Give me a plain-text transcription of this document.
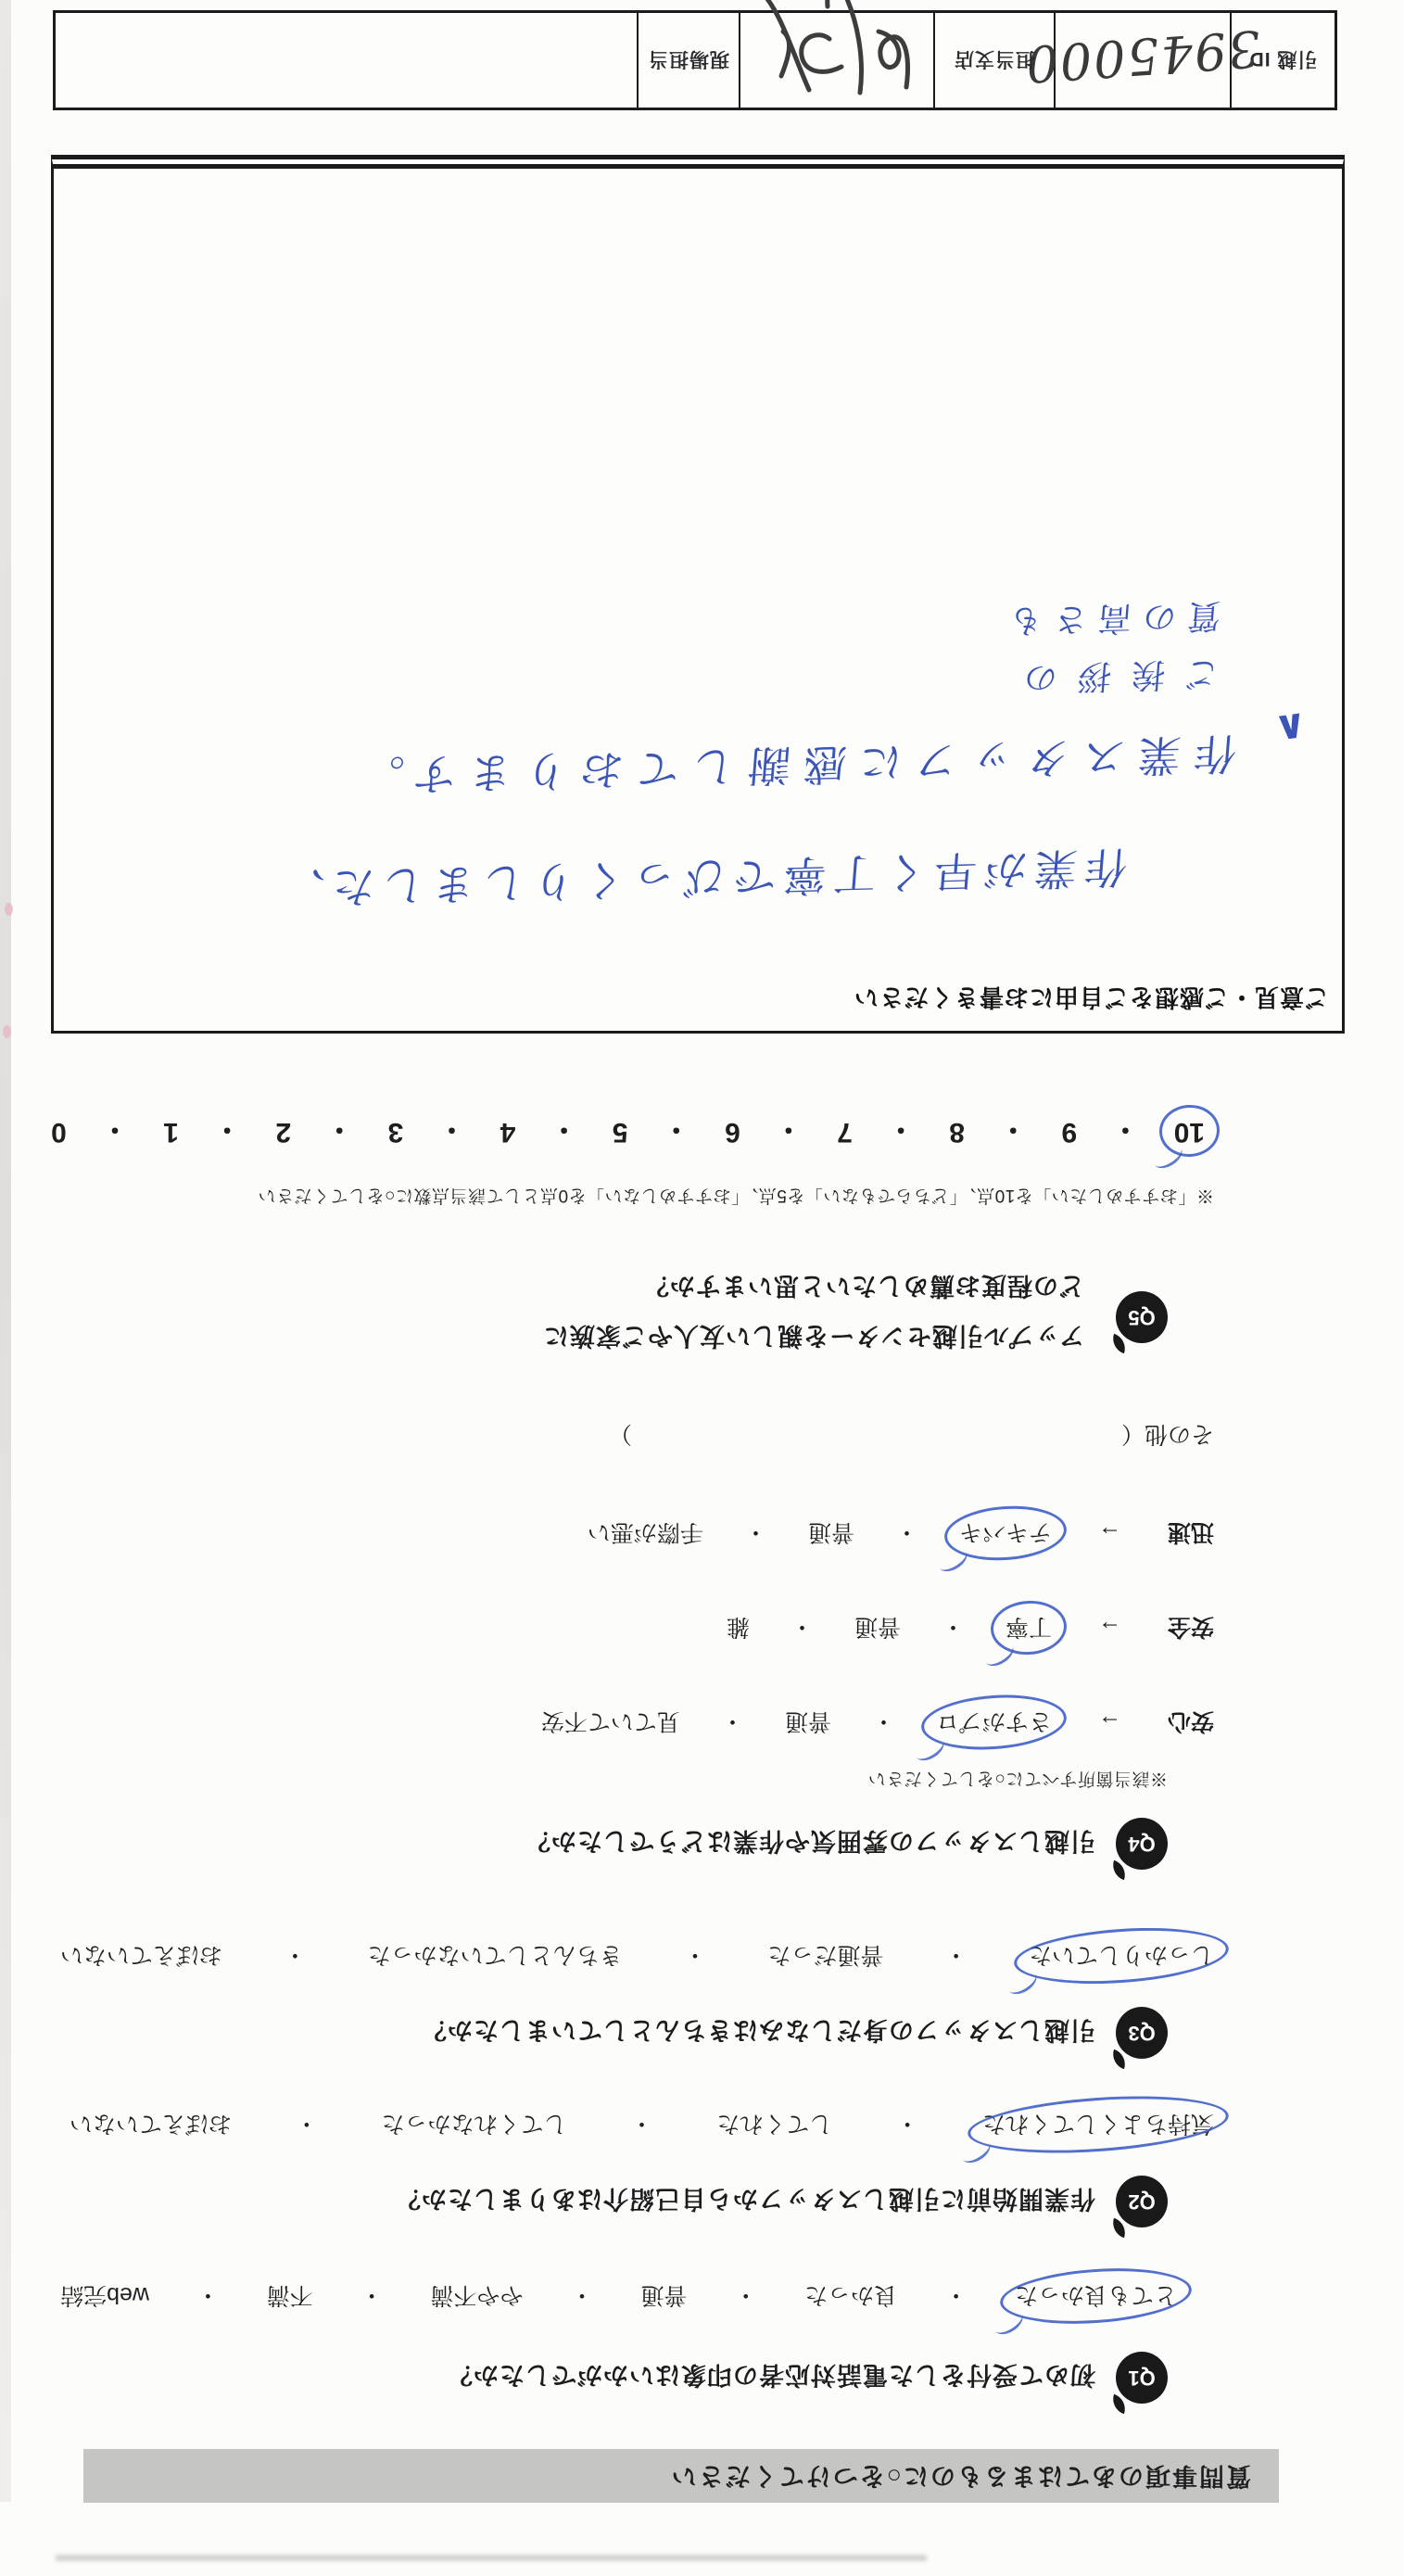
質問事項のあてはまるものに○をつけてください
Q1
初めて受付をした電話対応者の印象はいかがでしたか？
とても良かった
・
良かった
・
普通
・
やや不満
・
不満
・
web完結
Q2
作業開始前に引越しスタッフから自己紹介はありましたか？
気持ちよくしてくれた
・
してくれた
・
してくれなかった
・
おぼえていない
Q3
引越しスタッフの身だしなみはきちんとしていましたか？
しっかりしていた
・
普通だった
・
きちんとしていなかった
・
おぼえていない
Q4
引越しスタッフの雰囲気や作業はどうでしたか？
※該当箇所すべてに○をしてください
安心
→
さすがプロ
・
普通
・
見ていて不安
安全
→
丁寧
・
普通
・
雑
迅速
→
テキパキ
・
普通
・
手際が悪い
その他（
）
Q5
アップル引越センターを親しい友人やご家族に
どの程度お薦めしたいと思いますか？
※「おすすめしたい」を10点、「どちらでもない」を5点、「おすすめしない」を0点として該当点数に○をしてください
10
・
9
・
8
・
7
・
6
・
5
・
4
・
3
・
2
・
1
・
0
ご意見・ご感想をご自由にお書きください
作業が早く丁寧でびっくりしました、
作業スタッフに感謝しております。 ∧
ご挨拶の
質の高さも
引越 ID
3945000
担当支店
現場担当
